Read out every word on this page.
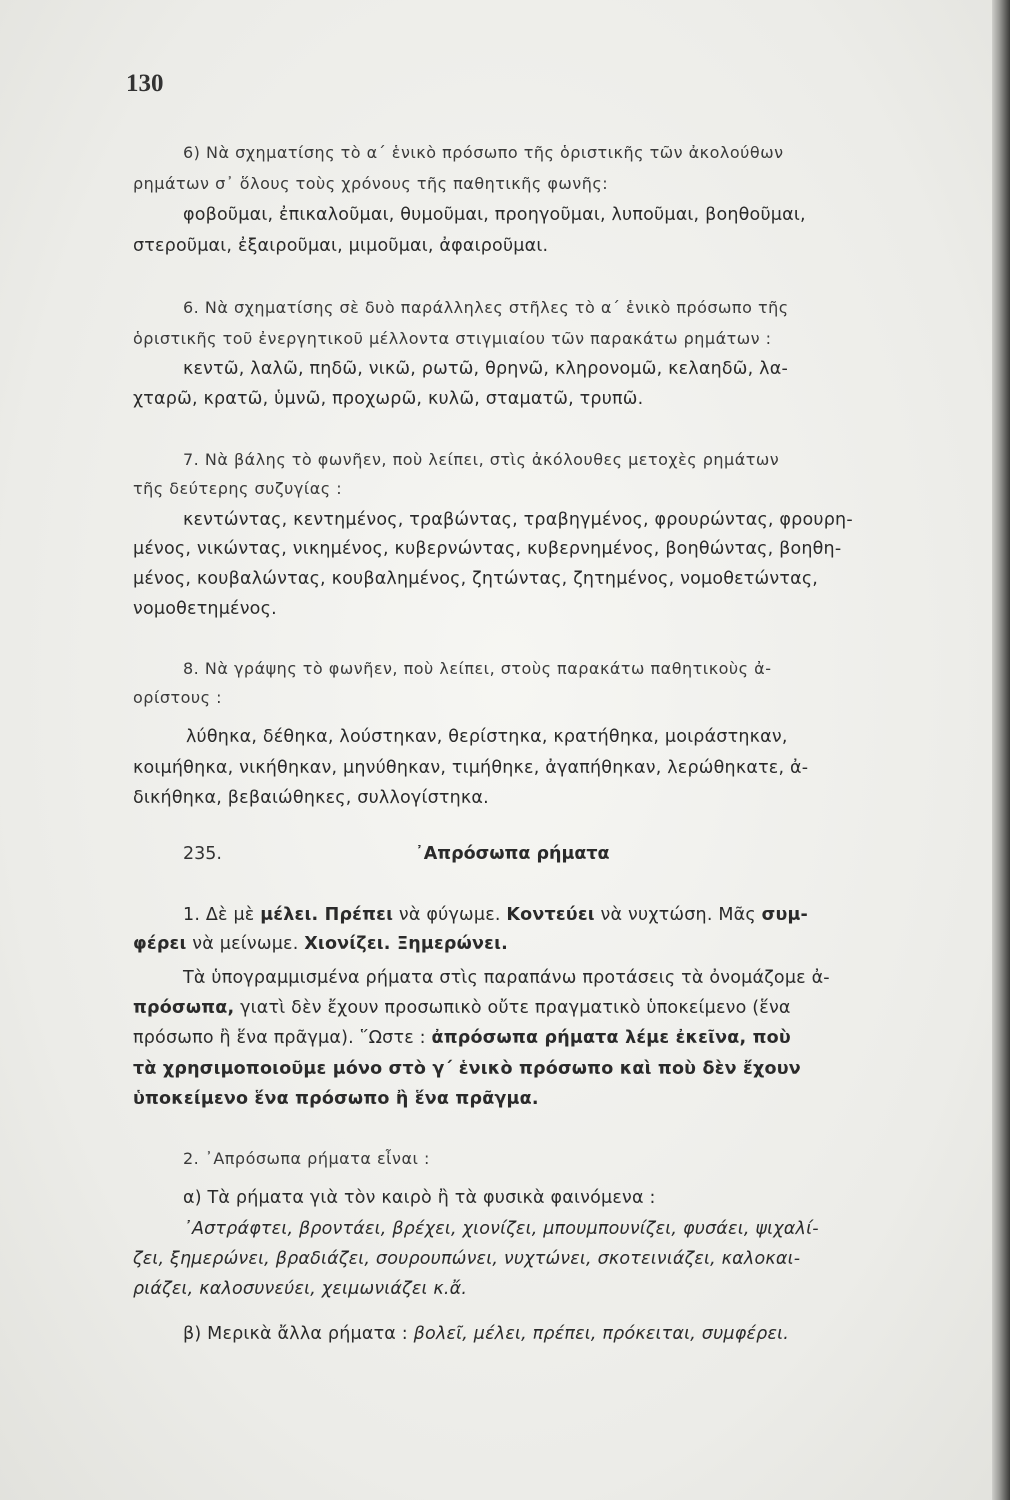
130
6) Νὰ σχηματίσης τὸ α΄ ἑνικὸ πρόσωπο τῆς ὁριστικῆς τῶν ἀκολούθων
ρημάτων σ᾿ ὅλους τοὺς χρόνους τῆς παθητικῆς φωνῆς:
φοβοῦμαι, ἐπικαλοῦμαι, θυμοῦμαι, προηγοῦμαι, λυποῦμαι, βοηθοῦμαι,
στεροῦμαι, ἐξαιροῦμαι, μιμοῦμαι, ἀφαιροῦμαι.
6. Νὰ σχηματίσης σὲ δυὸ παράλληλες στῆλες τὸ α΄ ἑνικὸ πρόσωπο τῆς
ὁριστικῆς τοῦ ἐνεργητικοῦ μέλλοντα στιγμιαίου τῶν παρακάτω ρημάτων :
κεντῶ, λαλῶ, πηδῶ, νικῶ, ρωτῶ, θρηνῶ, κληρονομῶ, κελαηδῶ, λα-
χταρῶ, κρατῶ, ὑμνῶ, προχωρῶ, κυλῶ, σταματῶ, τρυπῶ.
7. Νὰ βάλης τὸ φωνῆεν, ποὺ λείπει, στὶς ἀκόλουθες μετοχὲς ρημάτων
τῆς δεύτερης συζυγίας :
κεντώντας, κεντημένος, τραβώντας, τραβηγμένος, φρουρώντας, φρουρη-
μένος, νικώντας, νικημένος, κυβερνώντας, κυβερνημένος, βοηθώντας, βοηθη-
μένος, κουβαλώντας, κουβαλημένος, ζητώντας, ζητημένος, νομοθετώντας,
νομοθετημένος.
8. Νὰ γράψης τὸ φωνῆεν, ποὺ λείπει, στοὺς παρακάτω παθητικοὺς ἀ-
ορίστους :
λύθηκα, δέθηκα, λούστηκαν, θερίστηκα, κρατήθηκα, μοιράστηκαν,
κοιμήθηκα, νικήθηκαν, μηνύθηκαν, τιμήθηκε, ἀγαπήθηκαν, λερώθηκατε, ἀ-
δικήθηκα, βεβαιώθηκες, συλλογίστηκα.
235.	᾿Απρόσωπα ρήματα
1. Δὲ μὲ μέλει. Πρέπει νὰ φύγωμε. Κοντεύει νὰ νυχτώση. Μᾶς συμ-
φέρει νὰ μείνωμε. Χιονίζει. Ξημερώνει.
Τὰ ὑπογραμμισμένα ρήματα στὶς παραπάνω προτάσεις τὰ ὀνομάζομε ἀ-
πρόσωπα, γιατὶ δὲν ἔχουν προσωπικὸ οὔτε πραγματικὸ ὑποκείμενο (ἕνα
πρόσωπο ἢ ἕνα πρᾶγμα). ῞Ωστε : ἀπρόσωπα ρήματα λέμε ἐκεῖνα, ποὺ
τὰ χρησιμοποιοῦμε μόνο στὸ γ΄ ἑνικὸ πρόσωπο καὶ ποὺ δὲν ἔχουν
ὑποκείμενο ἕνα πρόσωπο ἢ ἕνα πρᾶγμα.
2. ᾿Απρόσωπα ρήματα εἶναι :
α) Τὰ ρήματα γιὰ τὸν καιρὸ ἢ τὰ φυσικὰ φαινόμενα :
᾿Αστράφτει, βροντάει, βρέχει, χιονίζει, μπουμπουνίζει, φυσάει, ψιχαλί-
ζει, ξημερώνει, βραδιάζει, σουρουπώνει, νυχτώνει, σκοτεινιάζει, καλοκαι-
ριάζει, καλοσυνεύει, χειμωνιάζει κ.ἄ.
β) Μερικὰ ἄλλα ρήματα : βολεῖ, μέλει, πρέπει, πρόκειται, συμφέρει.
